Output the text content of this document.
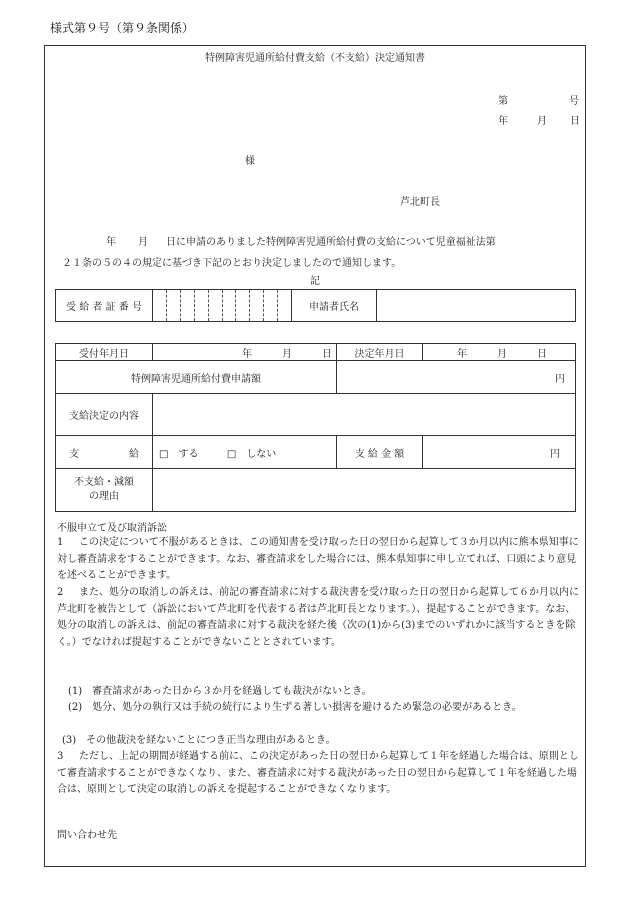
様式第９号（第９条関係）
特例障害児通所給付費支給（不支給）決定通知書
第	号
年	月 日
様
芦北町長
年 月 日に申請のありました特例障害児通所給付費の支給について児童福祉法第
２１条の５の４の規定に基づき下記のとおり決定しましたので通知します。
記
受 給 者 証 番 号		申請者氏名	
受付年月日	年　　　月　　　日	決定年月日	年　　　月　　　日
特例障害児通所給付費申請額		円	
支給決定の内容			
支　　　　　給	□　する □　しない	支 給 金 額	円

不支給・減額
の理由			

不服申立て及び取消訴訟
1 この決定について不服があるときは、この通知書を受け取った日の翌日から起算して３か月以内に熊本県知事に対し審査請求をすることができます。なお、審査請求をした場合には、熊本県知事に申し立てれば、口頭により意見を述べることができます。
2 また、処分の取消しの訴えは、前記の審査請求に対する裁決書を受け取った日の翌日から起算して６か月以内に芦北町を被告として（訴訟において芦北町を代表する者は芦北町長となります。）、提起することができます。なお、処分の取消しの訴えは、前記の審査請求に対する裁決を経た後（次の(1)から(3)までのいずれかに該当するときを除く。）でなければ提起することができないこととされています。
(1)　審査請求があった日から３か月を経過しても裁決がないとき。
(2)　処分、処分の執行又は手続の続行により生ずる著しい損害を避けるため緊急の必要があるとき。
(3)　その他裁決を経ないことにつき正当な理由があるとき。
3 ただし、上記の期間が経過する前に、この決定があった日の翌日から起算して１年を経過した場合は、原則として審査請求することができなくなり、また、審査請求に対する裁決があった日の翌日から起算して１年を経過した場合は、原則として決定の取消しの訴えを提起することができなくなります。
問い合わせ先
